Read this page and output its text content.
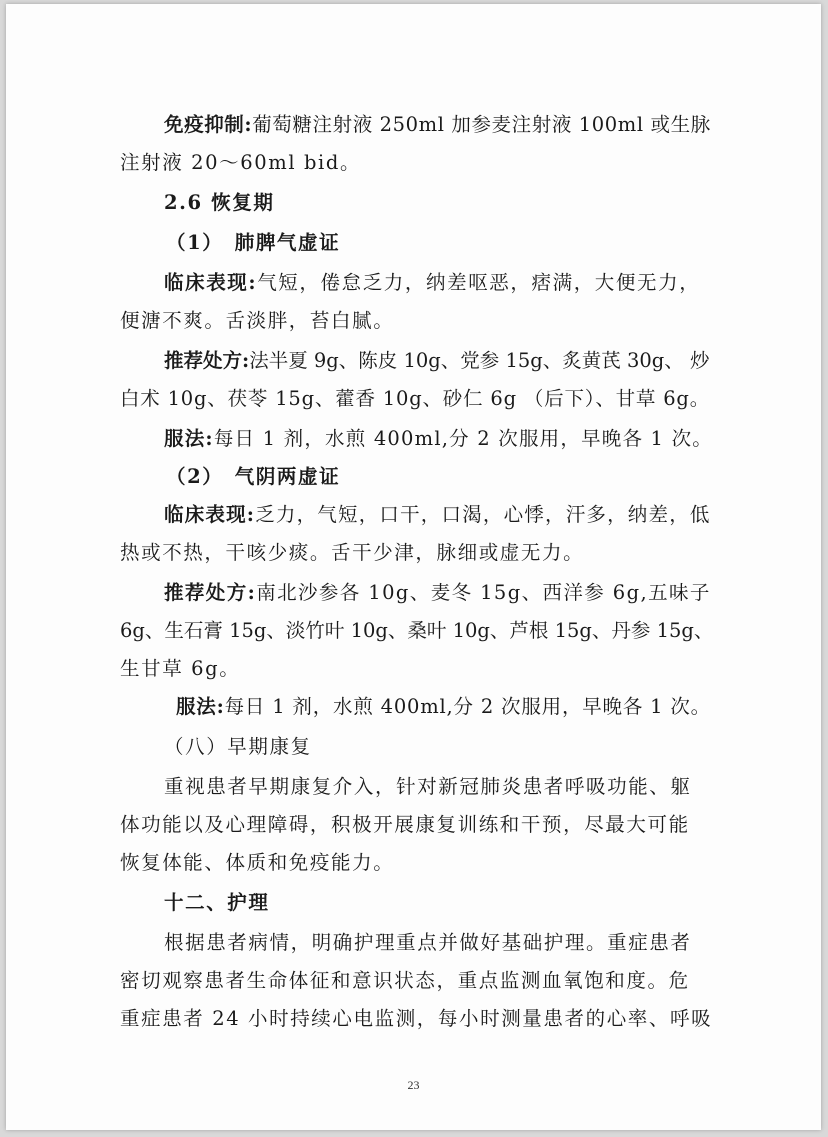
免疫抑制:葡萄糖注射液 250ml 加参麦注射液 100ml 或生脉
注射液 20～60ml bid。
2.6 恢复期
（1）　肺脾气虚证
临床表现:气短，倦怠乏力，纳差呕恶，痞满，大便无力，
便溏不爽。舌淡胖，苔白腻。
推荐处方:法半夏 9g、陈皮 10g、党参 15g、炙黄芪 30g、 炒
白术 10g、茯苓 15g、藿香 10g、砂仁 6g （后下）、甘草 6g。
服法:每日 1 剂，水煎 400ml,分 2 次服用，早晚各 1 次。
（2）　气阴两虚证
临床表现:乏力，气短，口干，口渴，心悸，汗多，纳差，低
热或不热，干咳少痰。舌干少津，脉细或虚无力。
推荐处方:南北沙参各 10g、麦冬 15g、西洋参 6g,五味子
6g、生石膏 15g、淡竹叶 10g、桑叶 10g、芦根 15g、丹参 15g、
生甘草 6g。
服法:每日 1 剂，水煎 400ml,分 2 次服用，早晚各 1 次。
（八）早期康复
重视患者早期康复介入，针对新冠肺炎患者呼吸功能、躯
体功能以及心理障碍，积极开展康复训练和干预，尽最大可能
恢复体能、体质和免疫能力。
十二、护理
根据患者病情，明确护理重点并做好基础护理。重症患者
密切观察患者生命体征和意识状态，重点监测血氧饱和度。危
重症患者 24 小时持续心电监测，每小时测量患者的心率、呼吸
23
